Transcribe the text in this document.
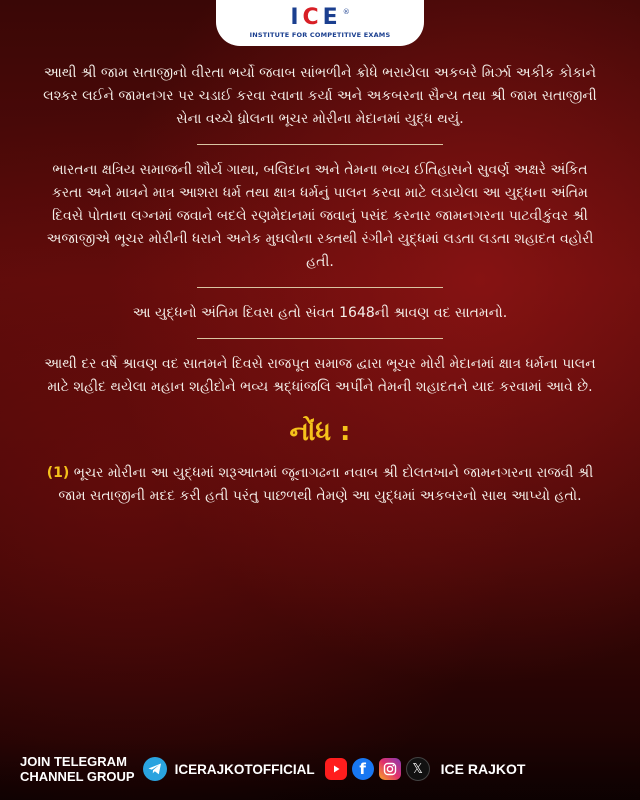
I C E ®
INSTITUTE FOR COMPETITIVE EXAMS

આથી શ્રી જામ સતાજીનો વીરતા ભર્યો જવાબ સાંભળીને ક્રોધે ભરાયેલા અકબરે મિર્ઝા અકીક કોકાને લશ્કર લઈને જામનગર પર ચડાઈ કરવા રવાના કર્યા અને અકબરના સૈન્ય તથા શ્રી જામ સતાજીની સેના વચ્ચે ધ્રોલના ભૂચર મોરીના મેદાનમાં યુદ્ધ થયું.

ભારતના ક્ષત્રિય સમાજની શૌર્ય ગાથા, બલિદાન અને તેમના ભવ્ય ઈતિહાસને સુવર્ણ અક્ષરે અંકિત કરતા અને માત્રને માત્ર આશરા ધર્મ તથા ક્ષાત્ર ધર્મનું પાલન કરવા માટે લડાયેલા આ યુદ્ધના અંતિમ દિવસે પોતાના લગ્નમાં જવાને બદલે રણમેદાનમાં જવાનું પસંદ કરનાર જામનગરના પાટવીકુંવર શ્રી અજાજીએ ભૂચર મોરીની ધરાને અનેક મુઘલોના રક્તથી રંગીને યુદ્ધમાં લડતા લડતા શહાદત વહોરી હતી.

આ યુદ્ધનો અંતિમ દિવસ હતો સંવત 1648ની શ્રાવણ વદ સાતમનો.

આથી દર વર્ષે શ્રાવણ વદ સાતમને દિવસે રાજપૂત સમાજ દ્વારા ભૂચર મોરી મેદાનમાં ક્ષાત્ર ધર્મના પાલન માટે શહીદ થયેલા મહાન શહીદોને ભવ્ય શ્રદ્ધાંજલિ અર્પીને તેમની શહાદતને યાદ કરવામાં આવે છે.

નોંધ :

(1) ભૂચર મોરીના આ યુદ્ધમાં શરૂઆતમાં જૂનાગઢના નવાબ શ્રી દોલતખાને જામનગરના રાજવી શ્રી જામ સતાજીની મદદ કરી હતી પરંતુ પાછળથી તેમણે આ યુદ્ધમાં અકબરનો સાથ આપ્યો હતો.

JOIN TELEGRAM
CHANNEL GROUP	ICERAJKOTOFFICIAL	f	𝕏 ICE RAJKOT
